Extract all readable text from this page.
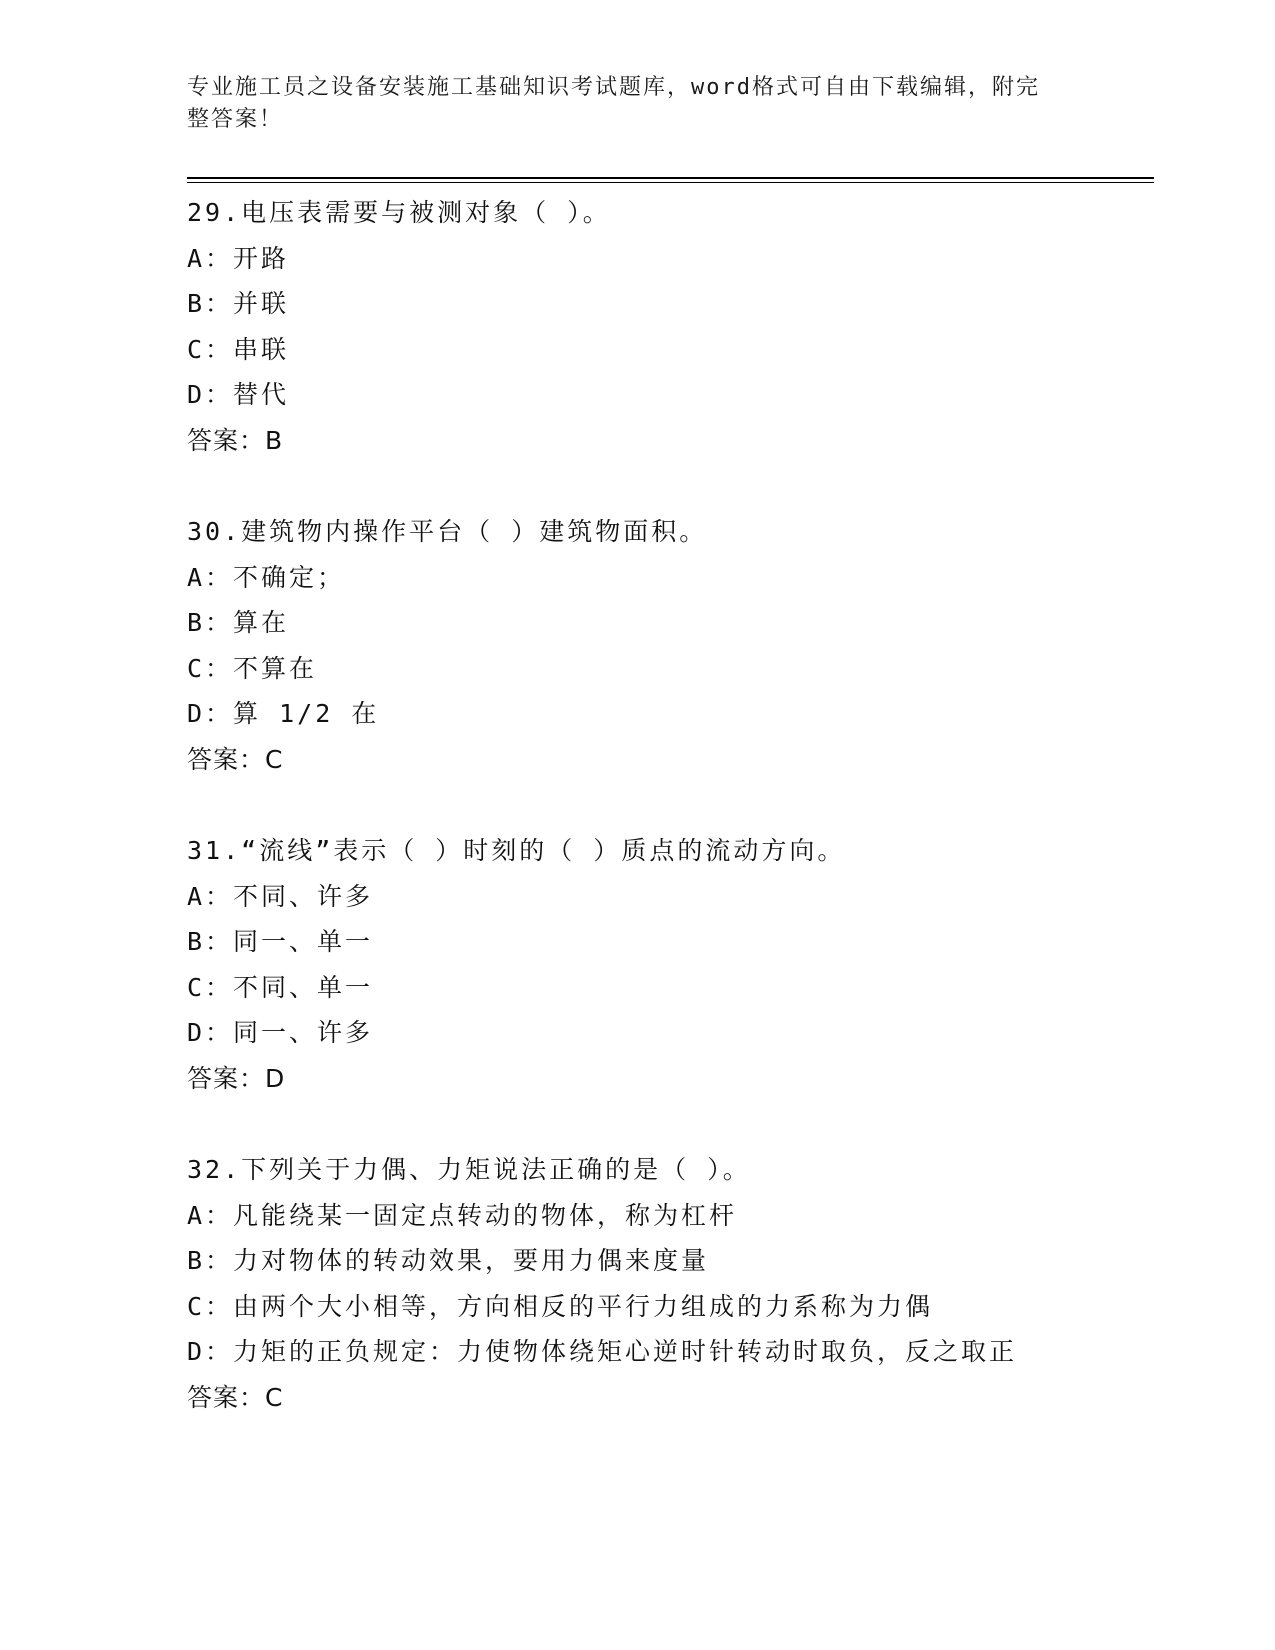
专业施工员之设备安装施工基础知识考试题库，word格式可自由下载编辑，附完
整答案！
29.电压表需要与被测对象（ ）。
A：开路
B：并联
C：串联
D：替代
答案：B
30.建筑物内操作平台（ ）建筑物面积。
A：不确定；
B：算在
C：不算在
D：算 1/2 在
答案：C
31.“流线”表示（ ）时刻的（ ）质点的流动方向。
A：不同、许多
B：同一、单一
C：不同、单一
D：同一、许多
答案：D
32.下列关于力偶、力矩说法正确的是（ ）。
A：凡能绕某一固定点转动的物体，称为杠杆
B：力对物体的转动效果，要用力偶来度量
C：由两个大小相等，方向相反的平行力组成的力系称为力偶
D：力矩的正负规定：力使物体绕矩心逆时针转动时取负，反之取正
答案：C
